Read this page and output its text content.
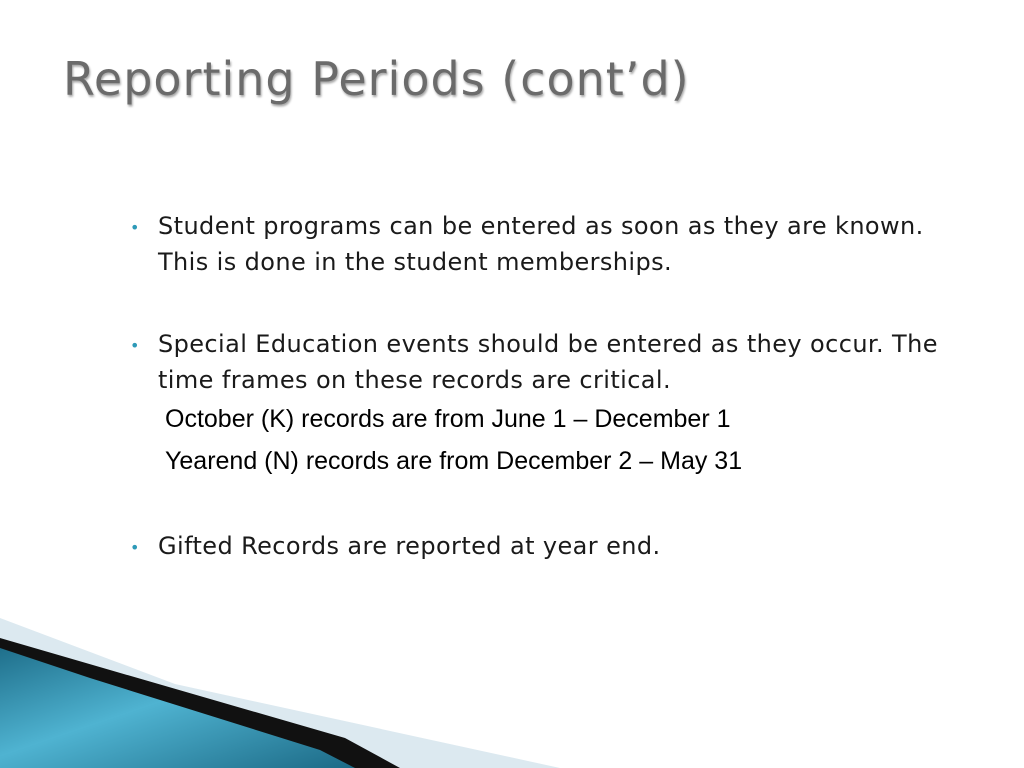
Reporting Periods (cont’d)
• Student programs can be entered as soon as they are known. This is done in the student memberships.
• Special Education events should be entered as they occur. The time frames on these records are critical.
October (K) records are from June 1 – December 1
Yearend (N) records are from December 2 – May 31
• Gifted Records are reported at year end.
